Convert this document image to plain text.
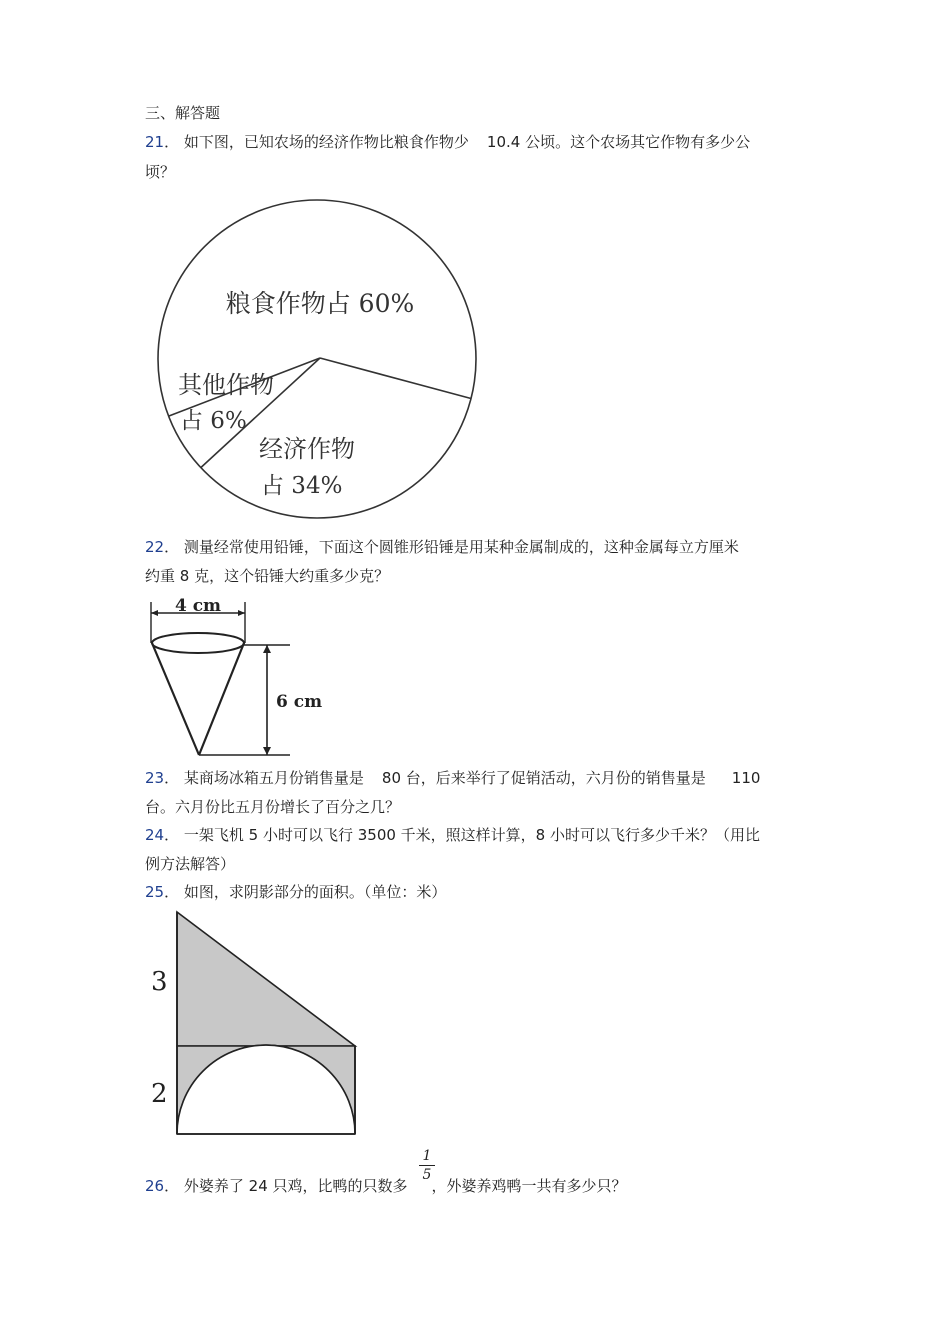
三、解答题
21． 如下图，已知农场的经济作物比粮食作物少 10.4 公顷。这个农场其它作物有多少公
顷？
粮食作物占 60%
其他作物
占 6%
经济作物
占 34%
22． 测量经常使用铅锤，下面这个圆锥形铅锤是用某种金属制成的，这种金属每立方厘米
约重 8 克，这个铅锤大约重多少克？
4 cm
6 cm
23． 某商场冰箱五月份销售量是 80 台，后来举行了促销活动，六月份的销售量是 110
台。六月份比五月份增长了百分之几？
24． 一架飞机 5 小时可以飞行 3500 千米，照这样计算，8 小时可以飞行多少千米？（用比
例方法解答）
25． 如图，求阴影部分的面积。（单位：米）
3
2
26． 外婆养了 24 只鸡，比鸭的只数多 ，外婆养鸡鸭一共有多少只？
1
5
